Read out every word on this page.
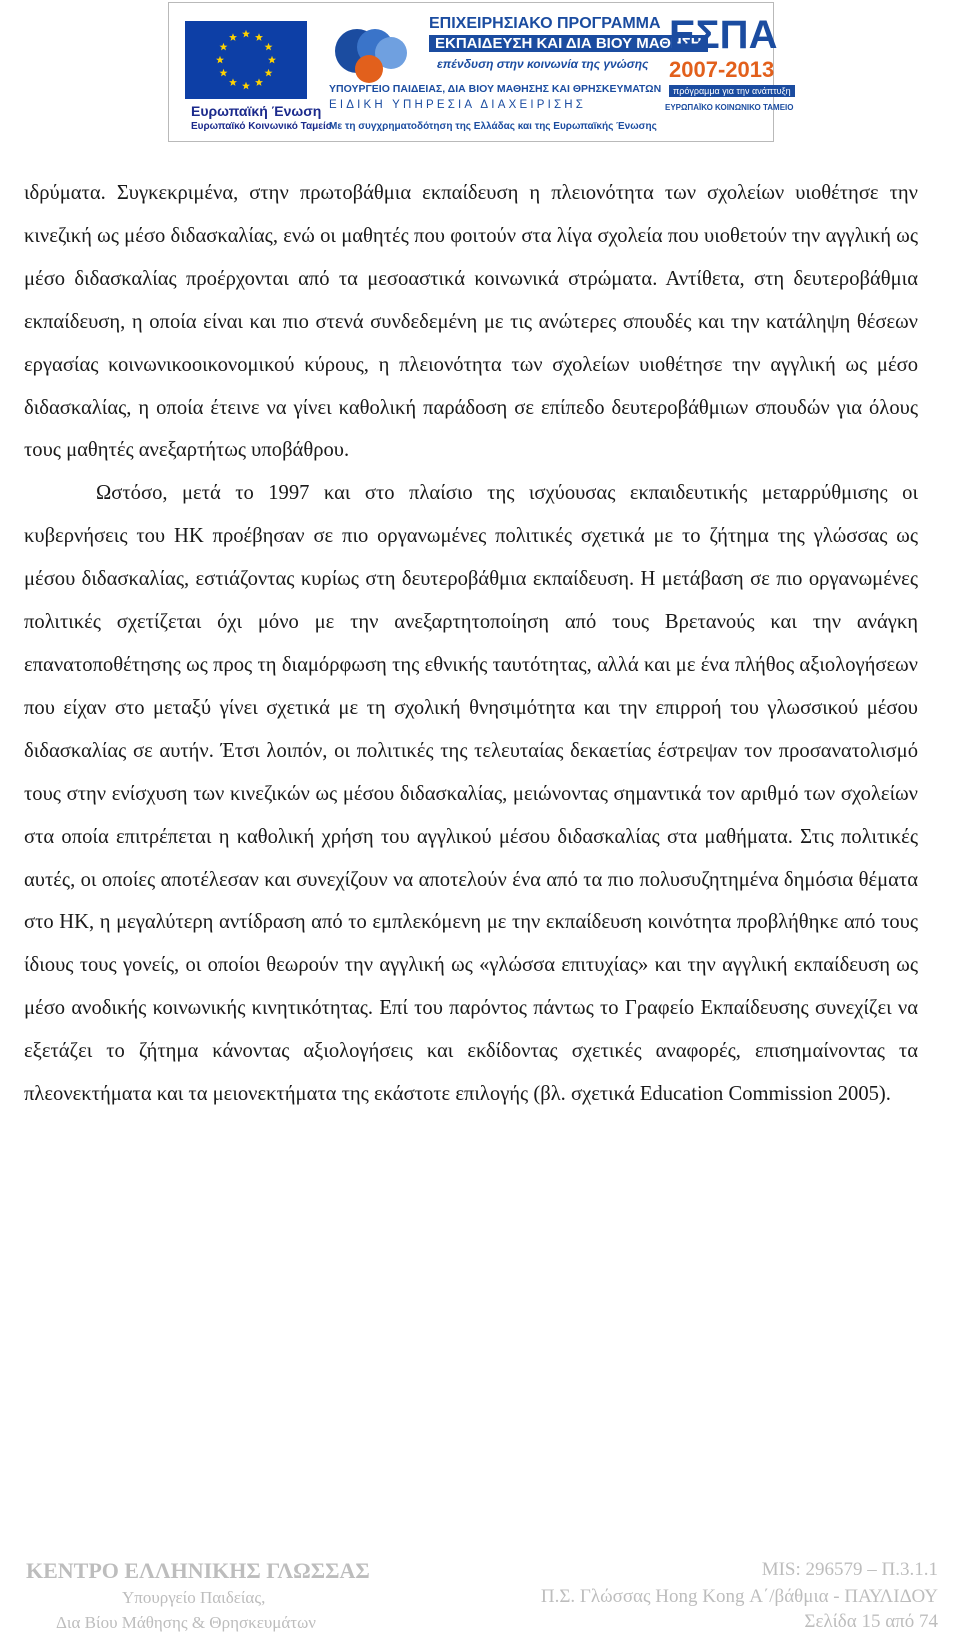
Ευρωπαϊκή Ένωση
Ευρωπαϊκό Κοινωνικό Ταμείο
ΕΠΙΧΕΙΡΗΣΙΑΚΟ ΠΡΟΓΡΑΜΜΑ
ΕΚΠΑΙΔΕΥΣΗ ΚΑΙ ΔΙΑ ΒΙΟΥ ΜΑΘΗΣΗ
επένδυση στην κοινωνία της γνώσης
ΥΠΟΥΡΓΕΙΟ ΠΑΙΔΕΙΑΣ, ΔΙΑ ΒΙΟΥ ΜΑΘΗΣΗΣ ΚΑΙ ΘΡΗΣΚΕΥΜΑΤΩΝ
ΕΙΔΙΚΗ ΥΠΗΡΕΣΙΑ ΔΙΑΧΕΙΡΙΣΗΣ
Με τη συγχρηματοδότηση της Ελλάδας και της Ευρωπαϊκής Ένωσης
ΕΣΠΑ
2007-2013
πρόγραμμα για την ανάπτυξη
ΕΥΡΩΠΑΪΚΟ ΚΟΙΝΩΝΙΚΟ ΤΑΜΕΙΟ

ιδρύματα. Συγκεκριμένα, στην πρωτοβάθμια εκπαίδευση η πλειονότητα των σχολείων υιοθέτησε την κινεζική ως μέσο διδασκαλίας, ενώ οι μαθητές που φοιτούν στα λίγα σχολεία που υιοθετούν την αγγλική ως μέσο διδασκαλίας προέρχονται από τα μεσοαστικά κοινωνικά στρώματα. Αντίθετα, στη δευτεροβάθμια εκπαίδευση, η οποία είναι και πιο στενά συνδεδεμένη με τις ανώτερες σπουδές και την κατάληψη θέσεων εργασίας κοινωνικοοικονομικού κύρους, η πλειονότητα των σχολείων υιοθέτησε την αγγλική ως μέσο διδασκαλίας, η οποία έτεινε να γίνει καθολική παράδοση σε επίπεδο δευτεροβάθμιων σπουδών για όλους τους μαθητές ανεξαρτήτως υποβάθρου.

Ωστόσο, μετά το 1997 και στο πλαίσιο της ισχύουσας εκπαιδευτικής μεταρρύθμισης οι κυβερνήσεις του ΗΚ προέβησαν σε πιο οργανωμένες πολιτικές σχετικά με το ζήτημα της γλώσσας ως μέσου διδασκαλίας, εστιάζοντας κυρίως στη δευτεροβάθμια εκπαίδευση. Η μετάβαση σε πιο οργανωμένες πολιτικές σχετίζεται όχι μόνο με την ανεξαρτητοποίηση από τους Βρετανούς και την ανάγκη επανατοποθέτησης ως προς τη διαμόρφωση της εθνικής ταυτότητας, αλλά και με ένα πλήθος αξιολογήσεων που είχαν στο μεταξύ γίνει σχετικά με τη σχολική θνησιμότητα και την επιρροή του γλωσσικού μέσου διδασκαλίας σε αυτήν. Έτσι λοιπόν, οι πολιτικές της τελευταίας δεκαετίας έστρεψαν τον προσανατολισμό τους στην ενίσχυση των κινεζικών ως μέσου διδασκαλίας, μειώνοντας σημαντικά τον αριθμό των σχολείων στα οποία επιτρέπεται η καθολική χρήση του αγγλικού μέσου διδασκαλίας στα μαθήματα. Στις πολιτικές αυτές, οι οποίες αποτέλεσαν και συνεχίζουν να αποτελούν ένα από τα πιο πολυσυζητημένα δημόσια θέματα στο ΗΚ, η μεγαλύτερη αντίδραση από το εμπλεκόμενη με την εκπαίδευση κοινότητα προβλήθηκε από τους ίδιους τους γονείς, οι οποίοι θεωρούν την αγγλική ως «γλώσσα επιτυχίας» και την αγγλική εκπαίδευση ως μέσο ανοδικής κοινωνικής κινητικότητας. Επί του παρόντος πάντως το Γραφείο Εκπαίδευσης συνεχίζει να εξετάζει το ζήτημα κάνοντας αξιολογήσεις και εκδίδοντας σχετικές αναφορές, επισημαίνοντας τα πλεονεκτήματα και τα μειονεκτήματα της εκάστοτε επιλογής (βλ. σχετικά Education Commission 2005).

ΚΕΝΤΡΟ ΕΛΛΗΝΙΚΗΣ ΓΛΩΣΣΑΣ
Υπουργείο Παιδείας,
Δια Βίου Μάθησης & Θρησκευμάτων
MIS: 296579 – Π.3.1.1
Π.Σ. Γλώσσας Hong Kong Α΄/βάθμια - ΠΑΥΛΙΔΟΥ
Σελίδα 15 από 74
